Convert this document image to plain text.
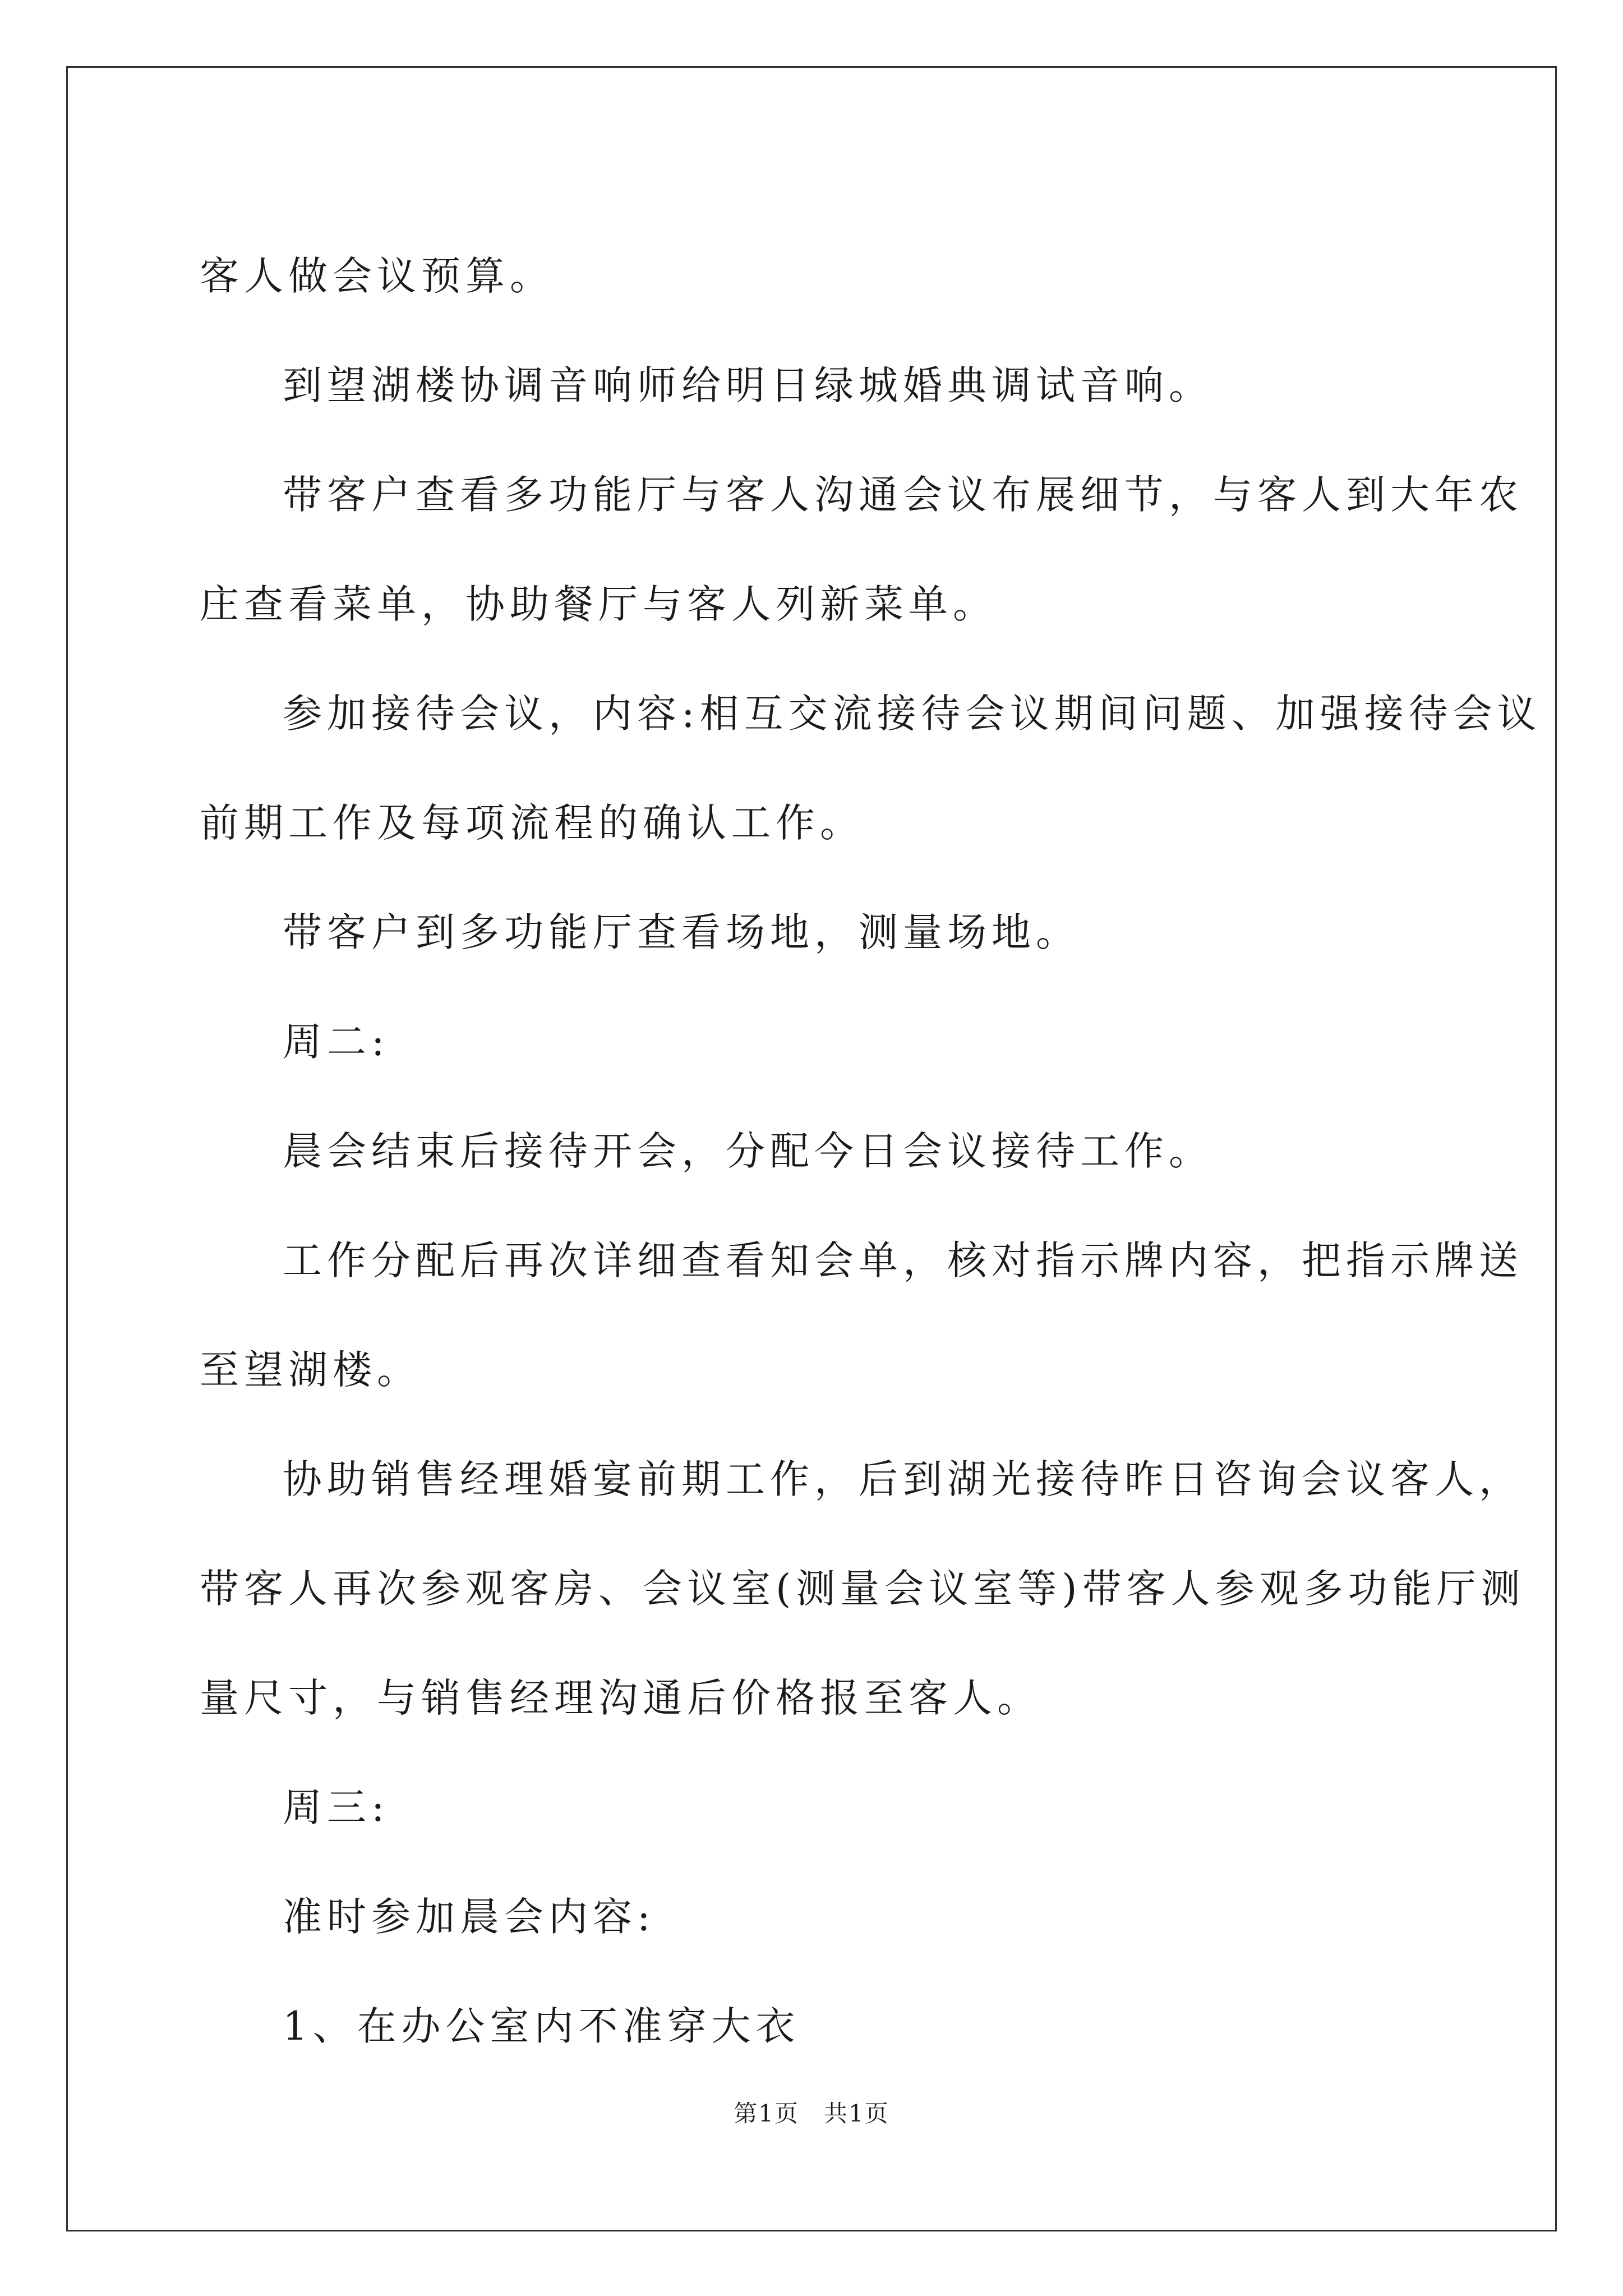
客人做会议预算。

到望湖楼协调音响师给明日绿城婚典调试音响。

带客户查看多功能厅与客人沟通会议布展细节，与客人到大年农

庄查看菜单，协助餐厅与客人列新菜单。

参加接待会议，内容:相互交流接待会议期间问题、加强接待会议

前期工作及每项流程的确认工作。

带客户到多功能厅查看场地，测量场地。

周二:

晨会结束后接待开会，分配今日会议接待工作。

工作分配后再次详细查看知会单，核对指示牌内容，把指示牌送

至望湖楼。

协助销售经理婚宴前期工作，后到湖光接待昨日咨询会议客人，

带客人再次参观客房、会议室(测量会议室等)带客人参观多功能厅测

量尺寸，与销售经理沟通后价格报至客人。

周三:

准时参加晨会内容:

1、在办公室内不准穿大衣

第1页　共1页
